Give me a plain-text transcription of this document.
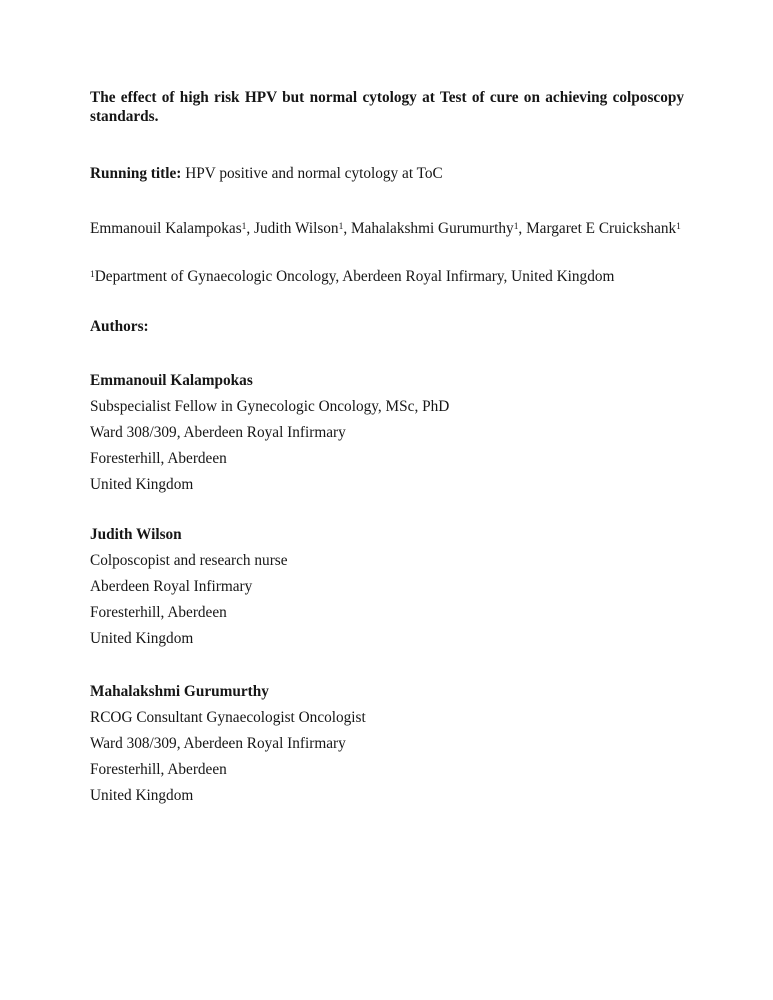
The effect of high risk HPV but normal cytology at Test of cure on achieving colposcopy standards.

Running title: HPV positive and normal cytology at ToC

Emmanouil Kalampokas$^1$, Judith Wilson$^1$, Mahalakshmi Gurumurthy$^1$, Margaret E Cruickshank$^1$

$^1$Department of Gynaecologic Oncology, Aberdeen Royal Infirmary, United Kingdom

Authors:

Emmanouil Kalampokas

Subspecialist Fellow in Gynecologic Oncology, MSc, PhD

Ward 308/309, Aberdeen Royal Infirmary

Foresterhill, Aberdeen

United Kingdom

Judith Wilson

Colposcopist and research nurse

Aberdeen Royal Infirmary

Foresterhill, Aberdeen

United Kingdom

Mahalakshmi Gurumurthy

RCOG Consultant Gynaecologist Oncologist

Ward 308/309, Aberdeen Royal Infirmary

Foresterhill, Aberdeen

United Kingdom
